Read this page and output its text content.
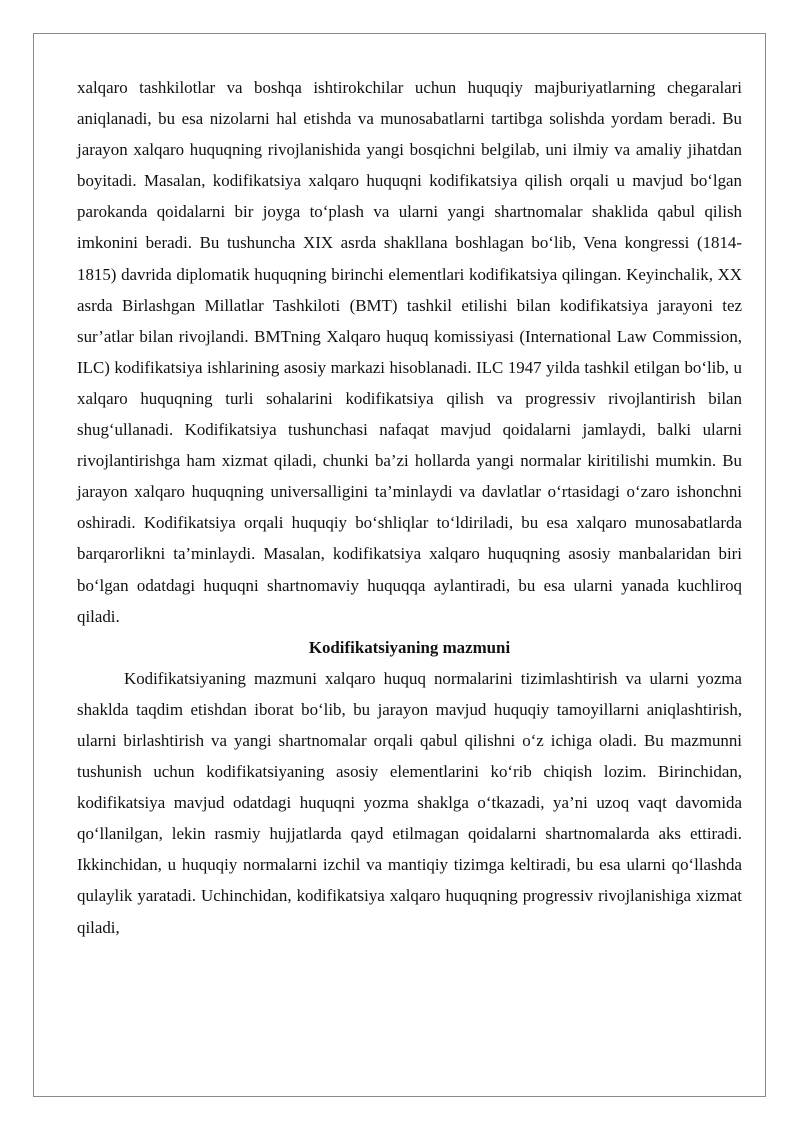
xalqaro tashkilotlar va boshqa ishtirokchilar uchun huquqiy majburiyatlarning chegaralari aniqlanadi, bu esa nizolarni hal etishda va munosabatlarni tartibga solishda yordam beradi. Bu jarayon xalqaro huquqning rivojlanishida yangi bosqichni belgilab, uni ilmiy va amaliy jihatdan boyitadi. Masalan, kodifikatsiya xalqaro huquqni kodifikatsiya qilish orqali u mavjud bo‘lgan parokanda qoidalarni bir joyga to‘plash va ularni yangi shartnomalar shaklida qabul qilish imkonini beradi. Bu tushuncha XIX asrda shakllana boshlagan bo‘lib, Vena kongressi (1814-1815) davrida diplomatik huquqning birinchi elementlari kodifikatsiya qilingan. Keyinchalik, XX asrda Birlashgan Millatlar Tashkiloti (BMT) tashkil etilishi bilan kodifikatsiya jarayoni tez sur’atlar bilan rivojlandi. BMTning Xalqaro huquq komissiyasi (International Law Commission, ILC) kodifikatsiya ishlarining asosiy markazi hisoblanadi. ILC 1947 yilda tashkil etilgan bo‘lib, u xalqaro huquqning turli sohalarini kodifikatsiya qilish va progressiv rivojlantirish bilan shug‘ullanadi. Kodifikatsiya tushunchasi nafaqat mavjud qoidalarni jamlaydi, balki ularni rivojlantirishga ham xizmat qiladi, chunki ba’zi hollarda yangi normalar kiritilishi mumkin. Bu jarayon xalqaro huquqning universalligini ta’minlaydi va davlatlar o‘rtasidagi o‘zaro ishonchni oshiradi. Kodifikatsiya orqali huquqiy bo‘shliqlar to‘ldiriladi, bu esa xalqaro munosabatlarda barqarorlikni ta’minlaydi. Masalan, kodifikatsiya xalqaro huquqning asosiy manbalaridan biri bo‘lgan odatdagi huquqni shartnomaviy huquqqa aylantiradi, bu esa ularni yanada kuchliroq qiladi.

Kodifikatsiyaning mazmuni

Kodifikatsiyaning mazmuni xalqaro huquq normalarini tizimlashtirish va ularni yozma shaklda taqdim etishdan iborat bo‘lib, bu jarayon mavjud huquqiy tamoyillarni aniqlashtirish, ularni birlashtirish va yangi shartnomalar orqali qabul qilishni o‘z ichiga oladi. Bu mazmunni tushunish uchun kodifikatsiyaning asosiy elementlarini ko‘rib chiqish lozim. Birinchidan, kodifikatsiya mavjud odatdagi huquqni yozma shaklga o‘tkazadi, ya’ni uzoq vaqt davomida qo‘llanilgan, lekin rasmiy hujjatlarda qayd etilmagan qoidalarni shartnomalarda aks ettiradi. Ikkinchidan, u huquqiy normalarni izchil va mantiqiy tizimga keltiradi, bu esa ularni qo‘llashda qulaylik yaratadi. Uchinchidan, kodifikatsiya xalqaro huquqning progressiv rivojlanishiga xizmat qiladi,
